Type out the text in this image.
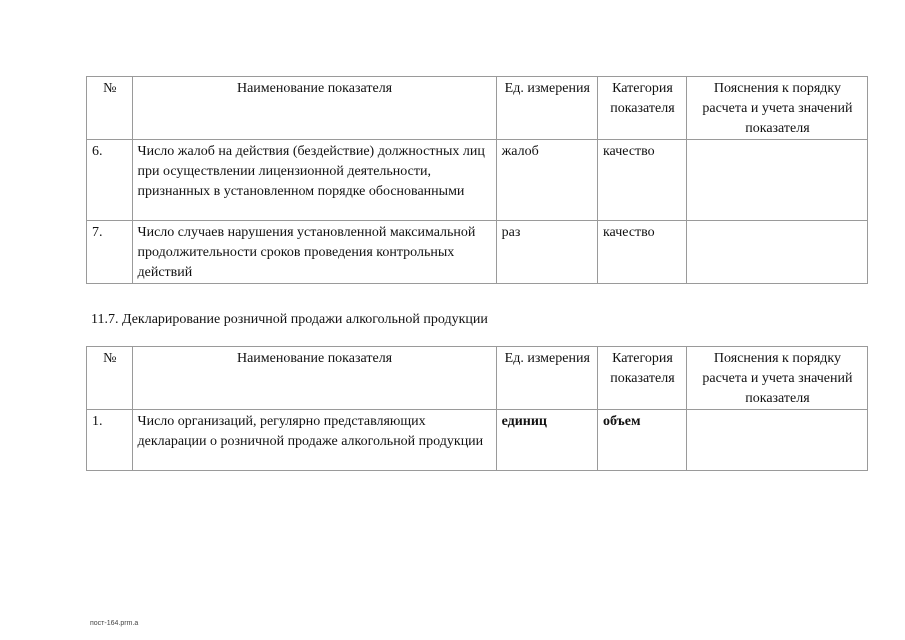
№	Наименование показателя	Ед. измерения	Категория показателя	Пояснения к порядку расчета и учета значений показателя
6.	Число жалоб на действия (бездействие) должностных лиц при осуществлении лицензионной деятельности, признанных в установленном порядке обоснованными	жалоб	качество	
7.	Число случаев нарушения установленной максимальной продолжительности сроков проведения контрольных действий	раз	качество	
11.7. Декларирование розничной продажи алкогольной продукции
№	Наименование показателя	Ед. измерения	Категория показателя	Пояснения к порядку расчета и учета значений показателя
1.	Число организаций, регулярно представляющих декларации о розничной продаже алкогольной продукции	единиц	объем	
пост-164.prm.a
